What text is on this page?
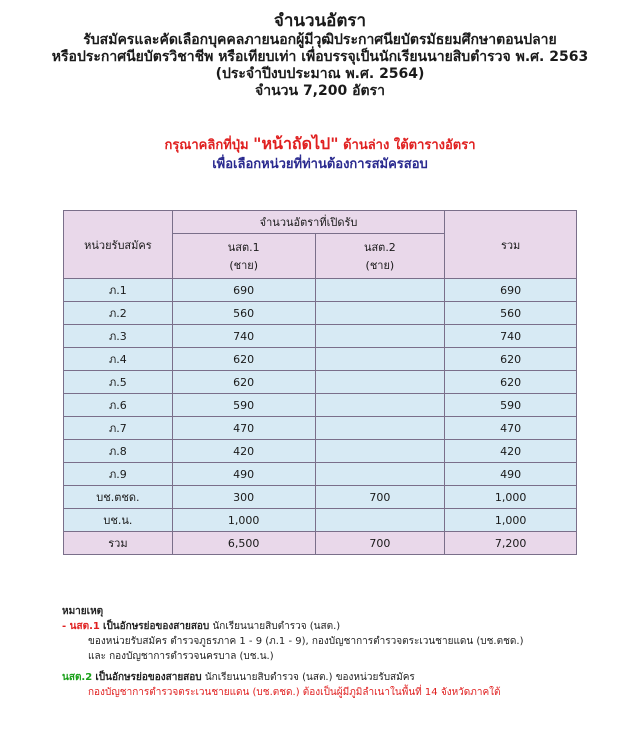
จำนวนอัตรา
รับสมัครและคัดเลือกบุคคลภายนอกผู้มีวุฒิประกาศนียบัตรมัธยมศึกษาตอนปลาย
หรือประกาศนียบัตรวิชาชีพ หรือเทียบเท่า เพื่อบรรจุเป็นนักเรียนนายสิบตำรวจ พ.ศ. 2563
(ประจำปีงบประมาณ พ.ศ. 2564)
จำนวน 7,200 อัตรา
กรุณาคลิกที่ปุ่ม "หน้าถัดไป" ด้านล่าง ใต้ตารางอัตรา
เพื่อเลือกหน่วยที่ท่านต้องการสมัครสอบ
หน่วยรับสมัคร	จำนวนอัตราที่เปิดรับ		รวม
	นสต.1	นสต.2	
	(ชาย)	(ชาย)	
ภ.1	690		690
ภ.2	560		560
ภ.3	740		740
ภ.4	620		620
ภ.5	620		620
ภ.6	590		590
ภ.7	470		470
ภ.8	420		420
ภ.9	490		490
บช.ตชด.	300	700	1,000
บช.น.	1,000		1,000
รวม	6,500	700	7,200
หมายเหตุ
- นสต.1 เป็นอักษรย่อของสายสอบ นักเรียนนายสิบตำรวจ (นสต.)
ของหน่วยรับสมัคร ตำรวจภูธรภาค 1 - 9 (ภ.1 - 9), กองบัญชาการตำรวจตระเวนชายแดน (บช.ตชด.)
และ กองบัญชาการตำรวจนครบาล (บช.น.)
นสต.2 เป็นอักษรย่อของสายสอบ นักเรียนนายสิบตำรวจ (นสต.) ของหน่วยรับสมัคร
กองบัญชาการตำรวจตระเวนชายแดน (บช.ตชด.) ต้องเป็นผู้มีภูมิลำเนาในพื้นที่ 14 จังหวัดภาคใต้
